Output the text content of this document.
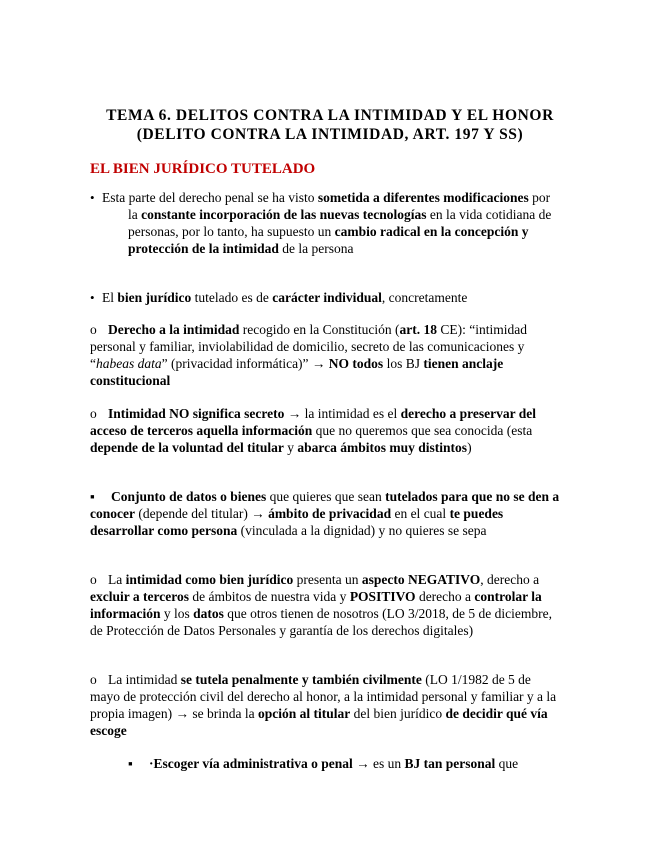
TEMA 6. DELITOS CONTRA LA INTIMIDAD Y EL HONOR
(DELITO CONTRA LA INTIMIDAD, ART. 197 Y SS)
EL BIEN JURÍDICO TUTELADO
• Esta parte del derecho penal se ha visto sometida a diferentes modificaciones por la constante incorporación de las nuevas tecnologías en la vida cotidiana de personas, por lo tanto, ha supuesto un cambio radical en la concepción y protección de la intimidad de la persona
• El bien jurídico tutelado es de carácter individual, concretamente
o Derecho a la intimidad recogido en la Constitución (art. 18 CE): “intimidad personal y familiar, inviolabilidad de domicilio, secreto de las comunicaciones y “habeas data” (privacidad informática)” → NO todos los BJ tienen anclaje constitucional
o Intimidad NO significa secreto → la intimidad es el derecho a preservar del acceso de terceros aquella información que no queremos que sea conocida (esta depende de la voluntad del titular y abarca ámbitos muy distintos)
▪ Conjunto de datos o bienes que quieres que sean tutelados para que no se den a conocer (depende del titular) → ámbito de privacidad en el cual te puedes desarrollar como persona (vinculada a la dignidad) y no quieres se sepa
o La intimidad como bien jurídico presenta un aspecto NEGATIVO, derecho a excluir a terceros de ámbitos de nuestra vida y POSITIVO derecho a controlar la información y los datos que otros tienen de nosotros (LO 3/2018, de 5 de diciembre, de Protección de Datos Personales y garantía de los derechos digitales)
o La intimidad se tutela penalmente y también civilmente (LO 1/1982 de 5 de mayo de protección civil del derecho al honor, a la intimidad personal y familiar y a la propia imagen) → se brinda la opción al titular del bien jurídico de decidir qué vía escoge
▪ ·Escoger vía administrativa o penal → es un BJ tan personal que
